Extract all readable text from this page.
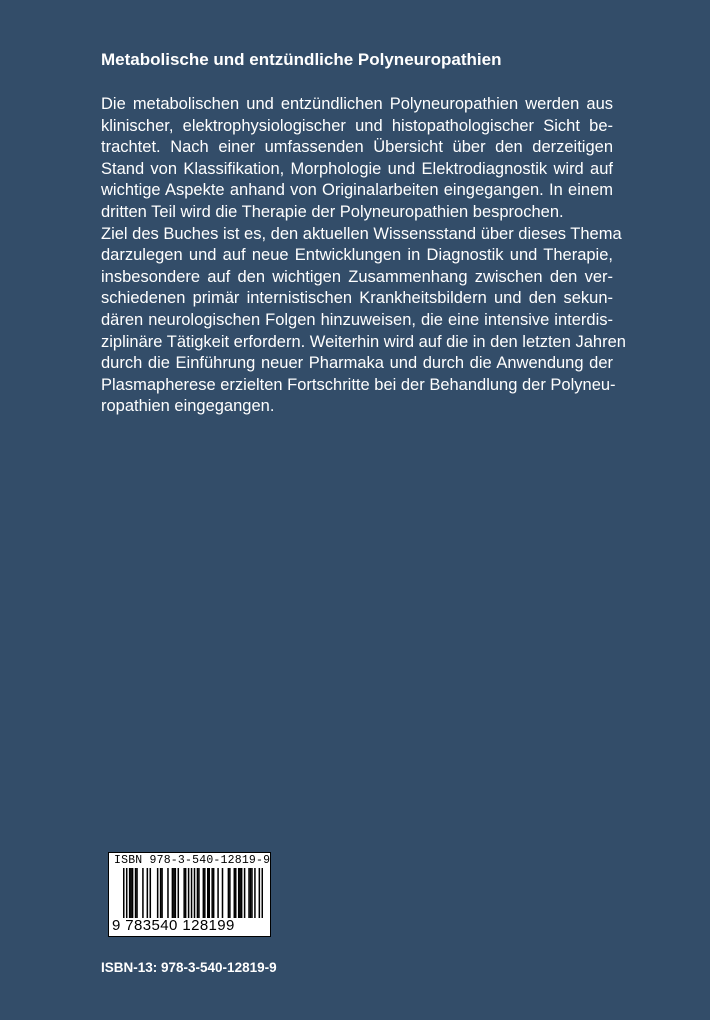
Metabolische und entzündliche Polyneuropathien
Die metabolischen und entzündlichen Polyneuropathien werden aus
klinischer, elektrophysiologischer und histopathologischer Sicht be-
trachtet. Nach einer umfassenden Übersicht über den derzeitigen
Stand von Klassifikation, Morphologie und Elektrodiagnostik wird auf
wichtige Aspekte anhand von Originalarbeiten eingegangen. In einem
dritten Teil wird die Therapie der Polyneuropathien besprochen.
Ziel des Buches ist es, den aktuellen Wissensstand über dieses Thema
darzulegen und auf neue Entwicklungen in Diagnostik und Therapie,
insbesondere auf den wichtigen Zusammenhang zwischen den ver-
schiedenen primär internistischen Krankheitsbildern und den sekun-
dären neurologischen Folgen hinzuweisen, die eine intensive interdis-
ziplinäre Tätigkeit erfordern. Weiterhin wird auf die in den letzten Jahren
durch die Einführung neuer Pharmaka und durch die Anwendung der
Plasmapherese erzielten Fortschritte bei der Behandlung der Polyneu-
ropathien eingegangen.
ISBN 978-3-540-12819-9
9 783540 128199
ISBN-13: 978-3-540-12819-9
